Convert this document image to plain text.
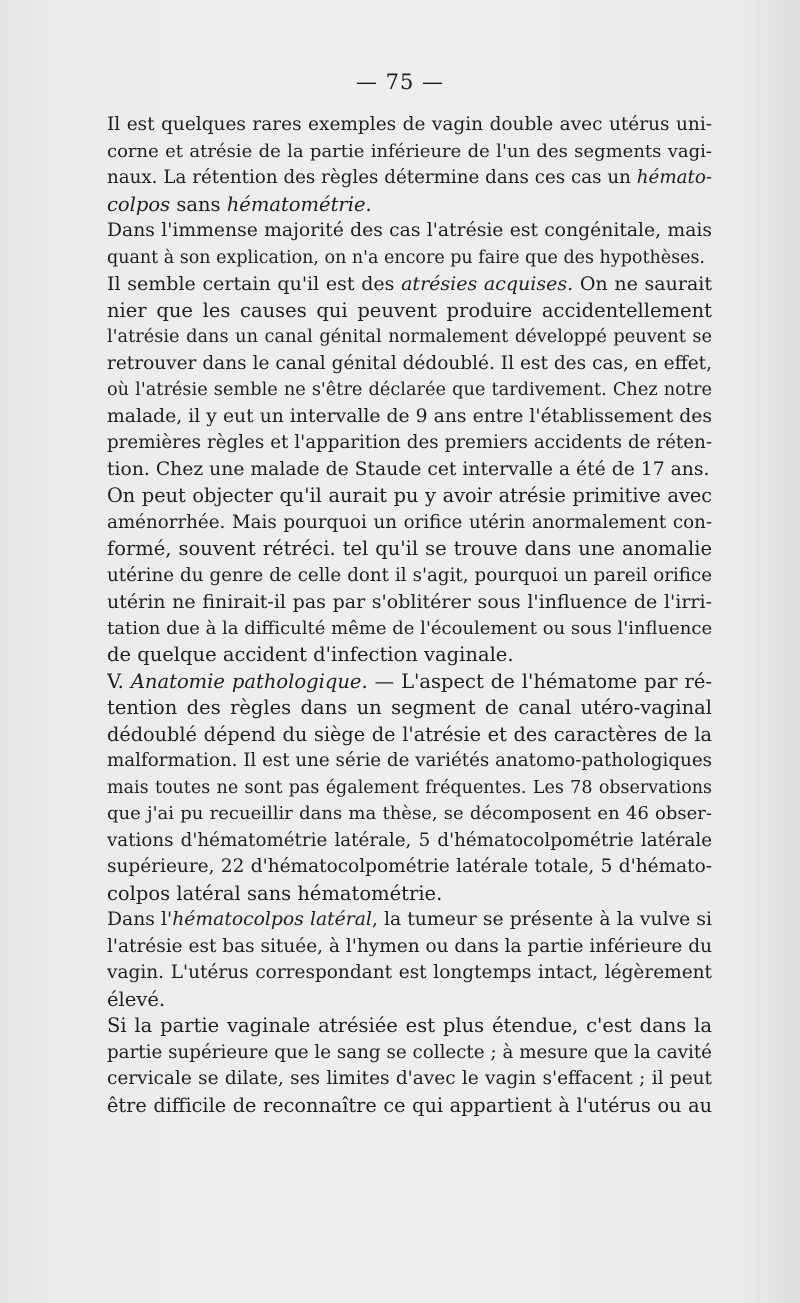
— 75 —
Il est quelques rares exemples de vagin double avec utérus uni-
corne et atrésie de la partie inférieure de l'un des segments vagi-
naux. La rétention des règles détermine dans ces cas un hémato-
colpos sans hématométrie.
Dans l'immense majorité des cas l'atrésie est congénitale, mais
quant à son explication, on n'a encore pu faire que des hypothèses.
Il semble certain qu'il est des atrésies acquises. On ne saurait
nier que les causes qui peuvent produire accidentellement
l'atrésie dans un canal génital normalement développé peuvent se
retrouver dans le canal génital dédoublé. Il est des cas, en effet,
où l'atrésie semble ne s'être déclarée que tardivement. Chez notre
malade, il y eut un intervalle de 9 ans entre l'établissement des
premières règles et l'apparition des premiers accidents de réten-
tion. Chez une malade de Staude cet intervalle a été de 17 ans.
On peut objecter qu'il aurait pu y avoir atrésie primitive avec
aménorrhée. Mais pourquoi un orifice utérin anormalement con-
formé, souvent rétréci. tel qu'il se trouve dans une anomalie
utérine du genre de celle dont il s'agit, pourquoi un pareil orifice
utérin ne finirait-il pas par s'oblitérer sous l'influence de l'irri-
tation due à la difficulté même de l'écoulement ou sous l'influence
de quelque accident d'infection vaginale.
V. Anatomie pathologique. — L'aspect de l'hématome par ré-
tention des règles dans un segment de canal utéro-vaginal
dédoublé dépend du siège de l'atrésie et des caractères de la
malformation. Il est une série de variétés anatomo-pathologiques
mais toutes ne sont pas également fréquentes. Les 78 observations
que j'ai pu recueillir dans ma thèse, se décomposent en 46 obser-
vations d'hématométrie latérale, 5 d'hématocolpométrie latérale
supérieure, 22 d'hématocolpométrie latérale totale, 5 d'hémato-
colpos latéral sans hématométrie.
Dans l'hématocolpos latéral, la tumeur se présente à la vulve si
l'atrésie est bas située, à l'hymen ou dans la partie inférieure du
vagin. L'utérus correspondant est longtemps intact, légèrement
élevé.
Si la partie vaginale atrésiée est plus étendue, c'est dans la
partie supérieure que le sang se collecte ; à mesure que la cavité
cervicale se dilate, ses limites d'avec le vagin s'effacent ; il peut
être difficile de reconnaître ce qui appartient à l'utérus ou au
